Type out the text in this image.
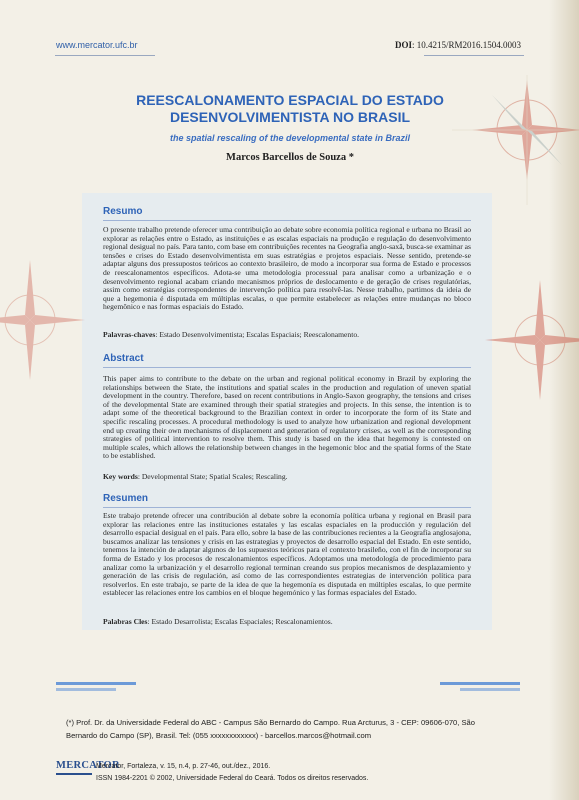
www.mercator.ufc.br	DOI: 10.4215/RM2016.1504.0003
REESCALONAMENTO ESPACIAL DO ESTADO
DESENVOLVIMENTISTA NO BRASIL
the spatial rescaling of the developmental state in Brazil
Marcos Barcellos de Souza *
Resumo
O presente trabalho pretende oferecer uma contribuição ao debate sobre economia política regional e urbana no Brasil ao explorar as relações entre o Estado, as instituições e as escalas espaciais na produção e regulação do desenvolvimento regional desigual no país. Para tanto, com base em contribuições recentes na Geografia anglo-saxã, busca-se examinar as tensões e crises do Estado desenvolvimentista em suas estratégias e projetos espaciais. Nesse sentido, pretende-se adaptar alguns dos pressupostos teóricos ao contexto brasileiro, de modo a incorporar sua forma de Estado e processos de reescalonamentos específicos. Adota-se uma metodologia processual para analisar como a urbanização e o desenvolvimento regional acabam criando mecanismos próprios de deslocamento e de geração de crises regulatórias, assim como estratégias correspondentes de intervenção política para resolvê-las. Nesse trabalho, partimos da ideia de que a hegemonia é disputada em múltiplas escalas, o que permite estabelecer as relações entre mudanças no bloco hegemônico e nas formas espaciais do Estado.
Palavras-chaves: Estado Desenvolvimentista; Escalas Espaciais; Reescalonamento.
Abstract
This paper aims to contribute to the debate on the urban and regional political economy in Brazil by exploring the relationships between the State, the institutions and spatial scales in the production and regulation of uneven spatial development in the country. Therefore, based on recent contributions in Anglo-Saxon geography, the tensions and crises of the developmental State are examined through their spatial strategies and projects. In this sense, the intention is to adapt some of the theoretical background to the Brazilian context in order to incorporate the form of its State and specific rescaling processes. A procedural methodology is used to analyze how urbanization and regional development end up creating their own mechanisms of displacement and generation of regulatory crises, as well as the corresponding strategies of political intervention to resolve them. This study is based on the idea that hegemony is contested on multiple scales, which allows the relationship between changes in the hegemonic bloc and the spatial forms of the State to be established.
Key words: Developmental State; Spatial Scales; Rescaling.
Resumen
Este trabajo pretende ofrecer una contribución al debate sobre la economía política urbana y regional en Brasil para explorar las relaciones entre las instituciones estatales y las escalas espaciales en la producción y regulación del desarrollo espacial desigual en el país. Para ello, sobre la base de las contribuciones recientes a la Geografía anglosajona, buscamos analizar las tensiones y crisis en las estrategias y proyectos de desarrollo espacial del Estado. En este sentido, tenemos la intención de adaptar algunos de los supuestos teóricos para el contexto brasileño, con el fin de incorporar su forma de Estado y los procesos de rescalonamientos específicos. Adoptamos una metodología de procedimiento para analizar como la urbanización y el desarrollo regional terminan creando sus propios mecanismos de desplazamiento y generación de las crisis de regulación, así como de las correspondientes estrategias de intervención política para resolverlos. En este trabajo, se parte de la idea de que la hegemonía es disputada en múltiples escalas, lo que permite establecer las relaciones entre los cambios en el bloque hegemónico y las formas espaciales del Estado.
Palabras Cles: Estado Desarrolista; Escalas Espaciales; Rescalonamientos.
(*) Prof. Dr. da Universidade Federal do ABC - Campus São Bernardo do Campo. Rua Arcturus, 3 - CEP: 09606-070, São
Bernardo do Campo (SP), Brasil. Tel: (055 xxxxxxxxxxxx) - barcellos.marcos@hotmail.com
MERCATOR
Mercator, Fortaleza, v. 15, n.4, p. 27-46, out./dez., 2016.
ISSN 1984-2201 © 2002, Universidade Federal do Ceará. Todos os direitos reservados.
